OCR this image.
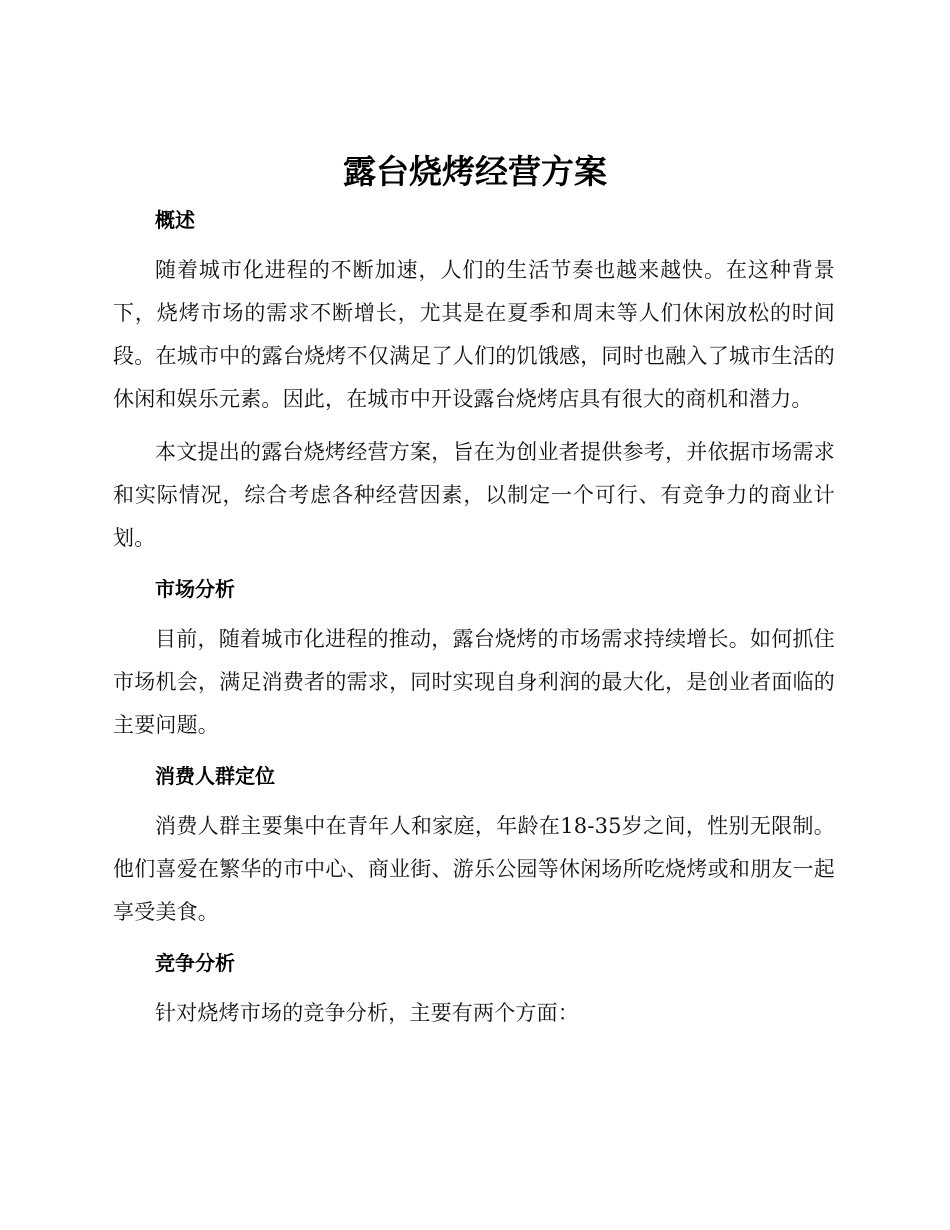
露台烧烤经营方案
概述

随着城市化进程的不断加速，人们的生活节奏也越来越快。在这种背景下，烧烤市场的需求不断增长，尤其是在夏季和周末等人们休闲放松的时间段。在城市中的露台烧烤不仅满足了人们的饥饿感，同时也融入了城市生活的休闲和娱乐元素。因此，在城市中开设露台烧烤店具有很大的商机和潜力。

本文提出的露台烧烤经营方案，旨在为创业者提供参考，并依据市场需求和实际情况，综合考虑各种经营因素，以制定一个可行、有竞争力的商业计划。

市场分析

目前，随着城市化进程的推动，露台烧烤的市场需求持续增长。如何抓住市场机会，满足消费者的需求，同时实现自身利润的最大化，是创业者面临的主要问题。

消费人群定位

消费人群主要集中在青年人和家庭，年龄在18-35岁之间，性别无限制。他们喜爱在繁华的市中心、商业街、游乐公园等休闲场所吃烧烤或和朋友一起享受美食。

竞争分析

针对烧烤市场的竞争分析，主要有两个方面：
